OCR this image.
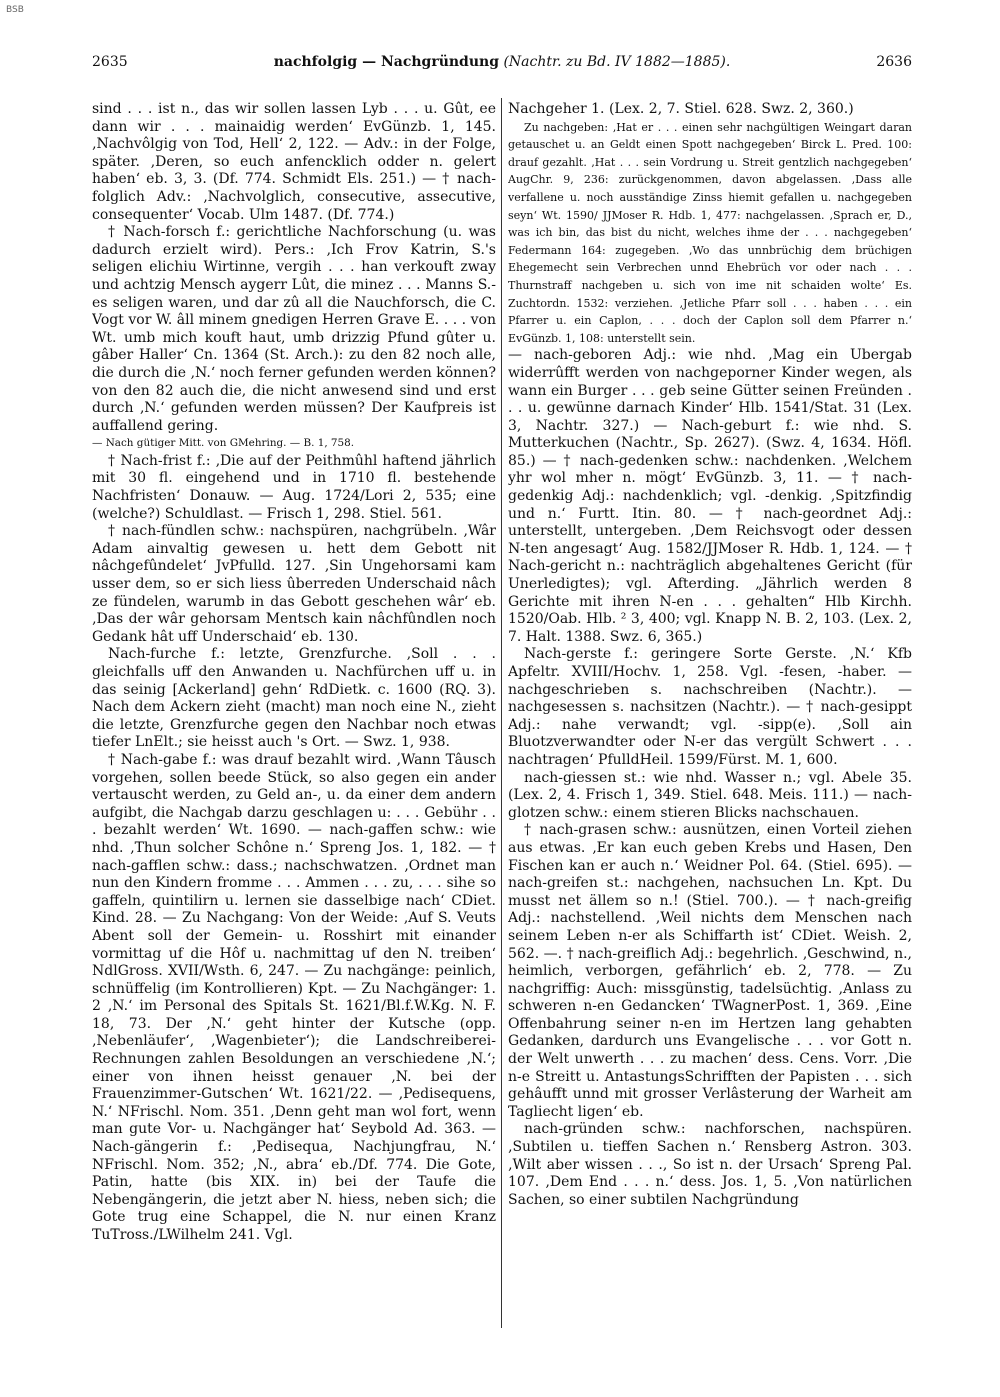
BSB
2635	nachfolgig — Nachgründung (Nachtr. zu Bd. IV 1882—1885).	2636

sind . . . ist n., das wir sollen lassen Lyb . . . u. Gût, ee dann wir . . . mainaidig werden‘ EvGünzb. 1, 145. ‚Nachvôlgig von Tod, Hell‘ 2, 122. — Adv.: in der Folge, später. ‚Deren, so euch anfencklich odder n. gelert haben‘ eb. 3, 3. (Df. 774. Schmidt Els. 251.) — † nach-folglich Adv.: ‚Nachvolglich, consecutive, assecutive, consequenter‘ Vocab. Ulm 1487. (Df. 774.)

† Nach-forsch f.: gerichtliche Nachforschung (u. was dadurch erzielt wird). Pers.: ‚Ich Frov Katrin, S.'s seligen elichiu Wirtinne, vergih . . . han verkouft zway und achtzig Mensch aygerr Lût, die minez . . . Manns S.-es seligen waren, und dar zû all die Nauchforsch, die C. Vogt vor W. âll minem gnedigen Herren Grave E. . . . von Wt. umb mich kouft haut, umb drizzig Pfund gûter u. gâber Haller‘ Cn. 1364 (St. Arch.): zu den 82 noch alle, die durch die ‚N.‘ noch ferner gefunden werden können? von den 82 auch die, die nicht anwesend sind und erst durch ‚N.‘ gefunden werden müssen? Der Kaufpreis ist auffallend gering.

— Nach gütiger Mitt. von GMehring. — B. 1, 758.

† Nach-frist f.: ‚Die auf der Peithmûhl haftend jährlich mit 30 fl. eingehend und in 1710 fl. bestehende Nachfristen‘ Donauw. — Aug. 1724/Lori 2, 535; eine (welche?) Schuldlast. — Frisch 1, 298. Stiel. 561.

† nach-fündlen schw.: nachspüren, nachgrübeln. ‚Wâr Adam ainvaltig gewesen u. hett dem Gebott nit nâchgefûndelet‘ JvPfulld. 127. ‚Sin Ungehorsami kam usser dem, so er sich liess ûberreden Underschaid nâch ze fündelen, warumb in das Gebott geschehen wâr‘ eb. ‚Das der wâr gehorsam Mentsch kain nâchfûndlen noch Gedank hât uff Underschaid‘ eb. 130.

Nach-furche f.: letzte, Grenzfurche. ‚Soll . . . gleichfalls uff den Anwanden u. Nachfürchen uff u. in das seinig [Ackerland] gehn‘ RdDietk. c. 1600 (RQ. 3). Nach dem Ackern zieht (macht) man noch eine N., zieht die letzte, Grenzfurche gegen den Nachbar noch etwas tiefer LnElt.; sie heisst auch 's Ort. — Swz. 1, 938.

† Nach-gabe f.: was drauf bezahlt wird. ‚Wann Tâusch vorgehen, sollen beede Stück, so also gegen ein ander vertauscht werden, zu Geld an-, u. da einer dem andern aufgibt, die Nachgab darzu geschlagen u: . . . Gebühr . . . bezahlt werden‘ Wt. 1690. — nach-gaffen schw.: wie nhd. ‚Thun solcher Schône n.‘ Spreng Jos. 1, 182. — † nach-gafflen schw.: dass.; nachschwatzen. ‚Ordnet man nun den Kindern fromme . . . Ammen . . . zu, . . . sihe so gaffeln, quintilirn u. lernen sie dasselbige nach‘ CDiet. Kind. 28. — Zu Nachgang: Von der Weide: ‚Auf S. Veuts Abent soll der Gemein- u. Rosshirt mit einander vormittag uf die Hôf u. nachmittag uf den N. treiben‘ NdlGross. XVII/Wsth. 6, 247. — Zu nachgänge: peinlich, schnüffelig (im Kontrollieren) Kpt. — Zu Nachgänger: 1. 2 ‚N.‘ im Personal des Spitals St. 1621/Bl.f.W.Kg. N. F. 18, 73. Der ‚N.‘ geht hinter der Kutsche (opp. ‚Nebenläufer‘, ‚Wagenbieter‘); die Landschreiberei-Rechnungen zahlen Besoldungen an verschiedene ‚N.‘; einer von ihnen heisst genauer ‚N. bei der Frauenzimmer-Gutschen‘ Wt. 1621/22. — ‚Pedisequens, N.‘ NFrischl. Nom. 351. ‚Denn geht man wol fort, wenn man gute Vor- u. Nachgänger hat‘ Seybold Ad. 363. — Nach-gängerin f.: ‚Pedisequa, Nachjungfrau, N.‘ NFrischl. Nom. 352; ‚N., abra‘ eb./Df. 774. Die Gote, Patin, hatte (bis XIX. in) bei der Taufe die Nebengängerin, die jetzt aber N. hiess, neben sich; die Gote trug eine Schappel, die N. nur einen Kranz TuTross./LWilhelm 241. Vgl.

Nachgeher 1. (Lex. 2, 7. Stiel. 628. Swz. 2, 360.)

Zu nachgeben: ‚Hat er . . . einen sehr nachgültigen Weingart daran getauschet u. an Geldt einen Spott nachgegeben‘ Birck L. Pred. 100: drauf gezahlt. ‚Hat . . . sein Vordrung u. Streit gentzlich nachgegeben‘ AugChr. 9, 236: zurückgenommen, davon abgelassen. ‚Dass alle verfallene u. noch ausständige Zinss hiemit gefallen u. nachgegeben seyn‘ Wt. 1590/ JJMoser R. Hdb. 1, 477: nachgelassen. ‚Sprach er, D., was ich bin, das bist du nicht, welches ihme der . . . nachgegeben‘ Federmann 164: zugegeben. ‚Wo das unnbrüchig dem brüchigen Ehegemecht sein Verbrechen unnd Ehebrüch vor oder nach . . . Thurnstraff nachgeben u. sich von ime nit schaiden wolte‘ Es. Zuchtordn. 1532: verziehen. ‚Jetliche Pfarr soll . . . haben . . . ein Pfarrer u. ein Caplon, . . . doch der Caplon soll dem Pfarrer n.‘ EvGünzb. 1, 108: unterstellt sein.

— nach-geboren Adj.: wie nhd. ‚Mag ein Ubergab widerrûfft werden von nachgeporner Kinder wegen, als wann ein Burger . . . geb seine Gütter seinen Freünden . . . u. gewünne darnach Kinder‘ Hlb. 1541/Stat. 31 (Lex. 3, Nachtr. 327.) — Nach-geburt f.: wie nhd. S. Mutterkuchen (Nachtr., Sp. 2627). (Swz. 4, 1634. Höfl. 85.) — † nach-gedenken schw.: nachdenken. ‚Welchem yhr wol mher n. mögt‘ EvGünzb. 3, 11. — † nach-gedenkig Adj.: nachdenklich; vgl. -denkig. ‚Spitzfindig und n.‘ Furtt. Itin. 80. — † nach-geordnet Adj.: unterstellt, untergeben. ‚Dem Reichsvogt oder dessen N-ten angesagt‘ Aug. 1582/JJMoser R. Hdb. 1, 124. — † Nach-gericht n.: nachträglich abgehaltenes Gericht (für Unerledigtes); vgl. Afterding. „Jährlich werden 8 Gerichte mit ihren N-en . . . gehalten“ Hlb Kirchh. 1520/Oab. Hlb. ² 3, 400; vgl. Knapp N. B. 2, 103. (Lex. 2, 7. Halt. 1388. Swz. 6, 365.)

Nach-gerste f.: geringere Sorte Gerste. ‚N.‘ Kfb Apfeltr. XVIII/Hochv. 1, 258. Vgl. -fesen, -haber. — nachgeschrieben s. nachschreiben (Nachtr.). — nachgesessen s. nachsitzen (Nachtr.). — † nach-gesippt Adj.: nahe verwandt; vgl. -sipp(e). ‚Soll ain Bluotzverwandter oder N-er das vergült Schwert . . . nachtragen‘ PfulldHeil. 1599/Fürst. M. 1, 600.

nach-giessen st.: wie nhd. Wasser n.; vgl. Abele 35. (Lex. 2, 4. Frisch 1, 349. Stiel. 648. Meis. 111.) — nach-glotzen schw.: einem stieren Blicks nachschauen.

† nach-grasen schw.: ausnützen, einen Vorteil ziehen aus etwas. ‚Er kan euch geben Krebs und Hasen, Den Fischen kan er auch n.‘ Weidner Pol. 64. (Stiel. 695). — nach-greifen st.: nachgehen, nachsuchen Ln. Kpt. Du musst net ällem so n.! (Stiel. 700.). — † nach-greifig Adj.: nachstellend. ‚Weil nichts dem Menschen nach seinem Leben n-er als Schiffarth ist‘ CDiet. Weish. 2, 562. —. † nach-greiflich Adj.: begehrlich. ‚Geschwind, n., heimlich, verborgen, gefährlich‘ eb. 2, 778. — Zu nachgriffig: Auch: missgünstig, tadelsüchtig. ‚Anlass zu schweren n-en Gedancken‘ TWagnerPost. 1, 369. ‚Eine Offenbahrung seiner n-en im Hertzen lang gehabten Gedanken, dardurch uns Evangelische . . . vor Gott n. der Welt unwerth . . . zu machen‘ dess. Cens. Vorr. ‚Die n-e Streitt u. AntastungsSchrifften der Papisten . . . sich gehâufft unnd mit grosser Verlâsterung der Warheit am Tagliecht ligen‘ eb.

nach-gründen schw.: nachforschen, nachspüren. ‚Subtilen u. tieffen Sachen n.‘ Rensberg Astron. 303. ‚Wilt aber wissen . . ., So ist n. der Ursach‘ Spreng Pal. 107. ‚Dem End . . . n.‘ dess. Jos. 1, 5. ‚Von natürlichen Sachen, so einer subtilen Nachgründung
